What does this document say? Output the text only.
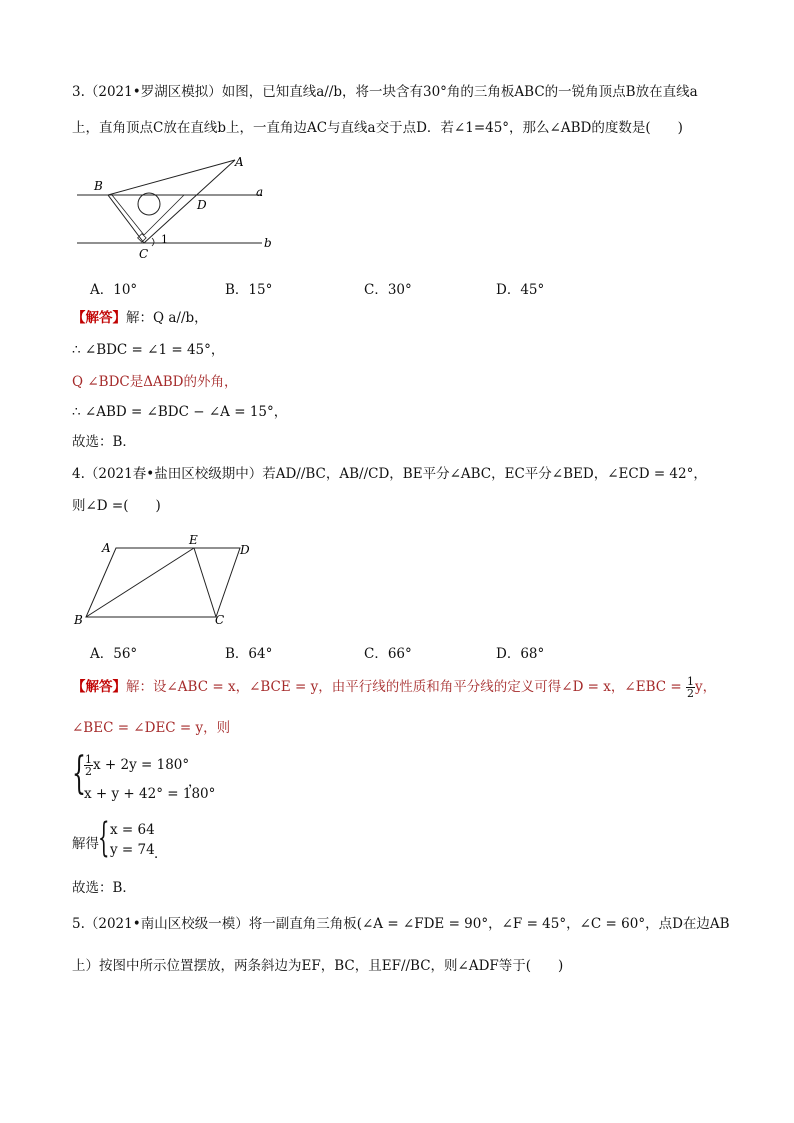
3.（2021•罗湖区模拟）如图，已知直线a//b，将一块含有30°角的三角板ABC的一锐角顶点B放在直线a
上，直角顶点C放在直线b上，一直角边AC与直线a交于点D．若∠1=45°，那么∠ABD的度数是(　　)
A
B
C
D
a
b
1
A．10°	B．15°	C．30°	D．45°
【解答】解：Q a//b，
∴ ∠BDC = ∠1 = 45°，
Q ∠BDC是ΔABD的外角，
∴ ∠ABD = ∠BDC − ∠A = 15°，
故选：B．
4.（2021春•盐田区校级期中）若AD//BC，AB//CD，BE平分∠ABC，EC平分∠BED，∠ECD = 42°，
则∠D =(　　)
A
E
D
B	C
A．56°	B．64°	C．66°	D．68°
【解答】解：设∠ABC = x，∠BCE = y，由平行线的性质和角平分线的定义可得∠D = x，∠EBC = $\frac{1}{2}$ y，
∠BEC = ∠DEC = y，则
{
$\frac{1}{2}$ x + 2y = 180°
x + y + 42° = 180°
，
解得 { x = 64
y = 74 ．
故选：B．
5.（2021•南山区校级一模）将一副直角三角板(∠A = ∠FDE = 90°，∠F = 45°，∠C = 60°，点D在边AB
上）按图中所示位置摆放，两条斜边为EF，BC，且EF//BC，则∠ADF等于(　　)
